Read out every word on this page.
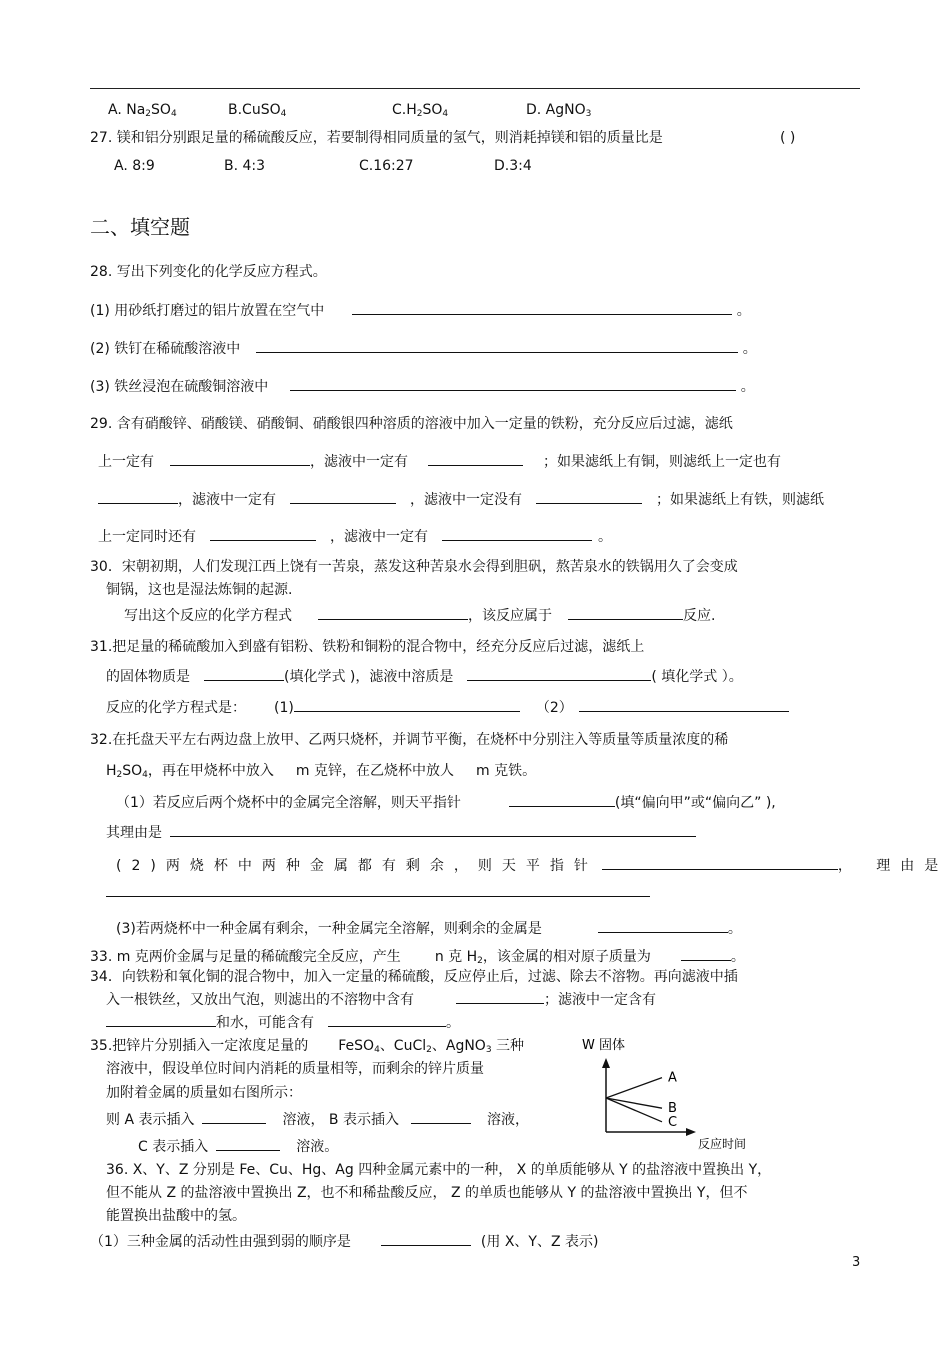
A. $Na_2SO_4$	B.CuSO$_4$	$C.H_2SO_4$	D. AgNO$_3$
27. 镁和铝分别跟足量的稀硫酸反应，若要制得相同质量的氢气，则消耗掉镁和铝的质量比是	( )
A. 8:9	B. 4:3	C.16:27	D.3:4
二、填空题
28. 写出下列变化的化学反应方程式。
(1) 用砂纸打磨过的铝片放置在空气中	。
(2) 铁钉在稀硫酸溶液中	。
(3) 铁丝浸泡在硫酸铜溶液中	。
29. 含有硝酸锌、硝酸镁、硝酸铜、硝酸银四种溶质的溶液中加入一定量的铁粉，充分反应后过滤，滤纸
上一定有	，滤液中一定有	；如果滤纸上有铜，则滤纸上一定也有
，滤液中一定有	，滤液中一定没有	；如果滤纸上有铁，则滤纸
上一定同时还有	，滤液中一定有	。
30．宋朝初期，人们发现江西上饶有一苦泉，蒸发这种苦泉水会得到胆矾，熬苦泉水的铁锅用久了会变成
铜锅，这也是湿法炼铜的起源.
写出这个反应的化学方程式	，该反应属于	反应.
31.把足量的稀硫酸加入到盛有铝粉、铁粉和铜粉的混合物中，经充分反应后过滤，滤纸上
的固体物质是	(填化学式 )，滤液中溶质是	( 填化学式 ）。
反应的化学方程式是： (1)	（2）
32.在托盘天平左右两边盘上放甲、乙两只烧杯，并调节平衡，在烧杯中分别注入等质量等质量浓度的稀
$H_2SO_4$，再在甲烧杯中放入 m 克锌，在乙烧杯中放人 m 克铁。
（1）若反应后两个烧杯中的金属完全溶解，则天平指针	(填“偏向甲”或“偏向乙” ),
其理由是
(2)两烧杯中两种金属都有剩余，则天平指针	， 理由是
(3)若两烧杯中一种金属有剩余，一种金属完全溶解，则剩余的金属是	。
33. m 克两价金属与足量的稀硫酸完全反应，产生 n 克 $H_2$，该金属的相对原子质量为	。
34．向铁粉和氧化铜的混合物中，加入一定量的稀硫酸，反应停止后，过滤、除去不溶物。再向滤液中插
入一根铁丝，又放出气泡，则滤出的不溶物中含有	；滤液中一定含有
和水，可能含有	。
35.把锌片分别插入一定浓度足量的 FeSO$_4$、CuCl$_2$、AgNO$_3$ 三种
溶液中，假设单位时间内消耗的质量相等，而剩余的锌片质量
加附着金属的质量如右图所示：
则 A 表示插入	溶液， B 表示插入	溶液，
C 表示插入	溶液。
W 固体
A
B
C
反应时间
36. X、Y、Z 分别是 Fe、Cu、Hg、Ag 四种金属元素中的一种， X 的单质能够从 Y 的盐溶液中置换出 Y，
但不能从 Z 的盐溶液中置换出 Z，也不和稀盐酸反应， Z 的单质也能够从 Y 的盐溶液中置换出 Y，但不
能置换出盐酸中的氢。
（1）三种金属的活动性由强到弱的顺序是	(用 X、Y、Z 表示)
3
